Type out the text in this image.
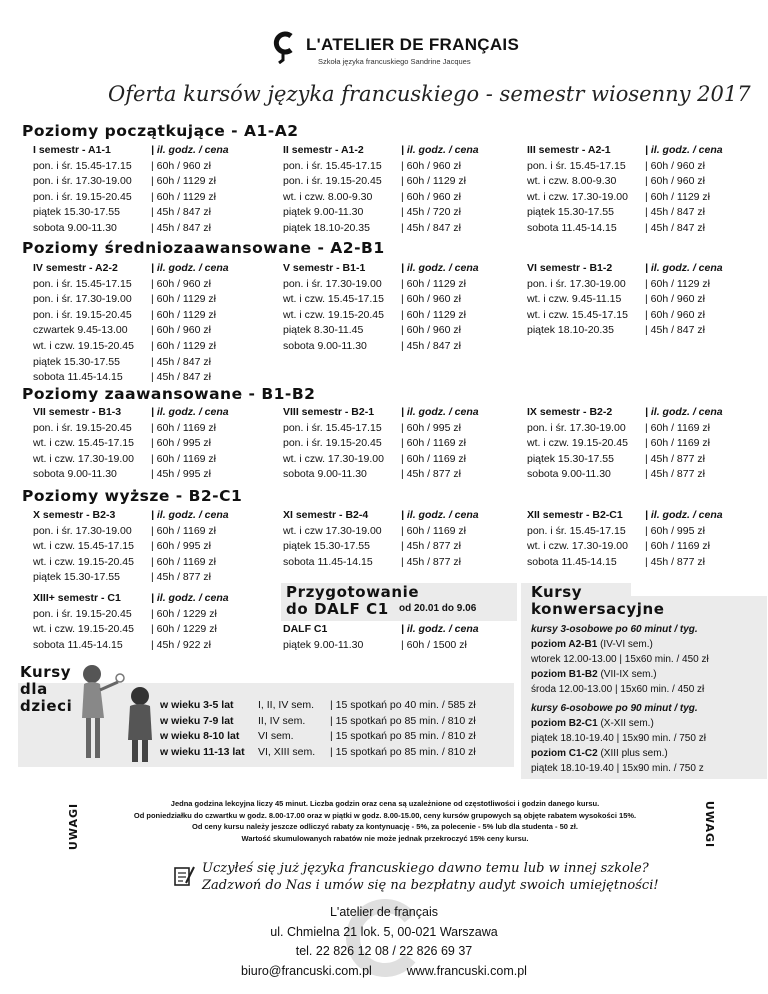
L'ATELIER DE FRANÇAIS
Szkoła języka francuskiego Sandrine Jacques
Oferta kursów języka francuskiego - semestr wiosenny 2017
Poziomy początkujące - A1-A2
I semestr - A1-1	| il. godz. / cena
pon. i śr. 15.45-17.15	| 60h / 960 zł
pon. i śr. 17.30-19.00	| 60h / 1129 zł
pon. i śr. 19.15-20.45	| 60h / 1129 zł
piątek 15.30-17.55	| 45h / 847 zł
sobota 9.00-11.30	| 45h / 847 zł
II semestr - A1-2	| il. godz. / cena
pon. i śr. 15.45-17.15	| 60h / 960 zł
pon. i śr. 19.15-20.45	| 60h / 1129 zł
wt. i czw. 8.00-9.30	| 60h / 960 zł
piątek 9.00-11.30	| 45h / 720 zł
piątek 18.10-20.35	| 45h / 847 zł
III semestr - A2-1	| il. godz. / cena
pon. i śr. 15.45-17.15	| 60h / 960 zł
wt. i czw. 8.00-9.30	| 60h / 960 zł
wt. i czw. 17.30-19.00	| 60h / 1129 zł
piątek 15.30-17.55	| 45h / 847 zł
sobota 11.45-14.15	| 45h / 847 zł
Poziomy średniozaawansowane - A2-B1
IV semestr - A2-2	| il. godz. / cena
pon. i śr. 15.45-17.15	| 60h / 960 zł
pon. i śr. 17.30-19.00	| 60h / 1129 zł
pon. i śr. 19.15-20.45	| 60h / 1129 zł
czwartek 9.45-13.00	| 60h / 960 zł
wt. i czw. 19.15-20.45	| 60h / 1129 zł
piątek 15.30-17.55	| 45h / 847 zł
sobota 11.45-14.15	| 45h / 847 zł
V semestr - B1-1	| il. godz. / cena
pon. i śr. 17.30-19.00	| 60h / 1129 zł
wt. i czw. 15.45-17.15	| 60h / 960 zł
wt. i czw. 19.15-20.45	| 60h / 1129 zł
piątek 8.30-11.45	| 60h / 960 zł
sobota 9.00-11.30	| 45h / 847 zł
VI semestr - B1-2	| il. godz. / cena
pon. i śr. 17.30-19.00	| 60h / 1129 zł
wt. i czw. 9.45-11.15	| 60h / 960 zł
wt. i czw. 15.45-17.15	| 60h / 960 zł
piątek 18.10-20.35	| 45h / 847 zł
Poziomy zaawansowane - B1-B2
VII semestr - B1-3	| il. godz. / cena
pon. i śr. 19.15-20.45	| 60h / 1169 zł
wt. i czw. 15.45-17.15	| 60h / 995 zł
wt. i czw. 17.30-19.00	| 60h / 1169 zł
sobota 9.00-11.30	| 45h / 995 zł
VIII semestr - B2-1	| il. godz. / cena
pon. i śr. 15.45-17.15	| 60h / 995 zł
pon. i śr. 19.15-20.45	| 60h / 1169 zł
wt. i czw. 17.30-19.00	| 60h / 1169 zł
sobota 9.00-11.30	| 45h / 877 zł
IX semestr - B2-2	| il. godz. / cena
pon. i śr. 17.30-19.00	| 60h / 1169 zł
wt. i czw. 19.15-20.45	| 60h / 1169 zł
piątek 15.30-17.55	| 45h / 877 zł
sobota 9.00-11.30	| 45h / 877 zł
Poziomy wyższe - B2-C1
X semestr - B2-3	| il. godz. / cena
pon. i śr. 17.30-19.00	| 60h / 1169 zł
wt. i czw. 15.45-17.15	| 60h / 995 zł
wt. i czw. 19.15-20.45	| 60h / 1169 zł
piątek 15.30-17.55	| 45h / 877 zł
XI semestr - B2-4	| il. godz. / cena
wt. i czw 17.30-19.00	| 60h / 1169 zł
piątek 15.30-17.55	| 45h / 877 zł
sobota 11.45-14.15	| 45h / 877 zł
XII semestr - B2-C1	| il. godz. / cena
pon. i śr. 15.45-17.15	| 60h / 995 zł
wt. i czw. 17.30-19.00	| 60h / 1169 zł
sobota 11.45-14.15	| 45h / 877 zł
XIII+ semestr - C1	| il. godz. / cena
pon. i śr. 19.15-20.45	| 60h / 1229 zł
wt. i czw. 19.15-20.45	| 60h / 1229 zł
sobota 11.45-14.15	| 45h / 922 zł
Przygotowanie
do DALF C1 od 20.01 do 9.06
DALF C1	| il. godz. / cena
piątek 9.00-11.30	| 60h / 1500 zł
Kursy
konwersacyjne
kursy 3-osobowe po 60 minut / tyg.
poziom A2-B1 (IV-VI sem.)
wtorek 12.00-13.00 | 15x60 min. / 450 zł
poziom B1-B2 (VII-IX sem.)
środa 12.00-13.00 | 15x60 min. / 450 zł
kursy 6-osobowe po 90 minut / tyg.
poziom B2-C1 (X-XII sem.)
piątek 18.10-19.40 | 15x90 min. / 750 zł
poziom C1-C2 (XIII plus sem.)
piątek 18.10-19.40 | 15x90 min. / 750 z
Kursy
dla
dzieci	w wieku 3-5 lat	I, II, IV sem.	| 15 spotkań po 40 min. / 585 zł
w wieku 7-9 lat	II, IV sem.	| 15 spotkań po 85 min. / 810 zł
w wieku 8-10 lat	VI sem.	| 15 spotkań po 85 min. / 810 zł
w wieku 11-13 lat	VI, XIII sem.	| 15 spotkań po 85 min. / 810 zł
UWAGI	UWAGI
Jedna godzina lekcyjna liczy 45 minut. Liczba godzin oraz cena są uzależnione od częstotliwości i godzin danego kursu.
Od poniedziałku do czwartku w godz. 8.00-17.00 oraz w piątki w godz. 8.00-15.00, ceny kursów grupowych są objęte rabatem wysokości 15%.
Od ceny kursu należy jeszcze odliczyć rabaty za kontynuację - 5%, za polecenie - 5% lub dla studenta - 50 zł.
Wartość skumulowanych rabatów nie może jednak przekroczyć 15% ceny kursu.
Uczyłeś się już języka francuskiego dawno temu lub w innej szkole?
Zadzwoń do Nas i umów się na bezpłatny audyt swoich umiejętności!
L'atelier de français
ul. Chmielna 21 lok. 5, 00-021 Warszawa
tel. 22 826 12 08 / 22 826 69 37
biuro@francuski.com.pl	www.francuski.com.pl
